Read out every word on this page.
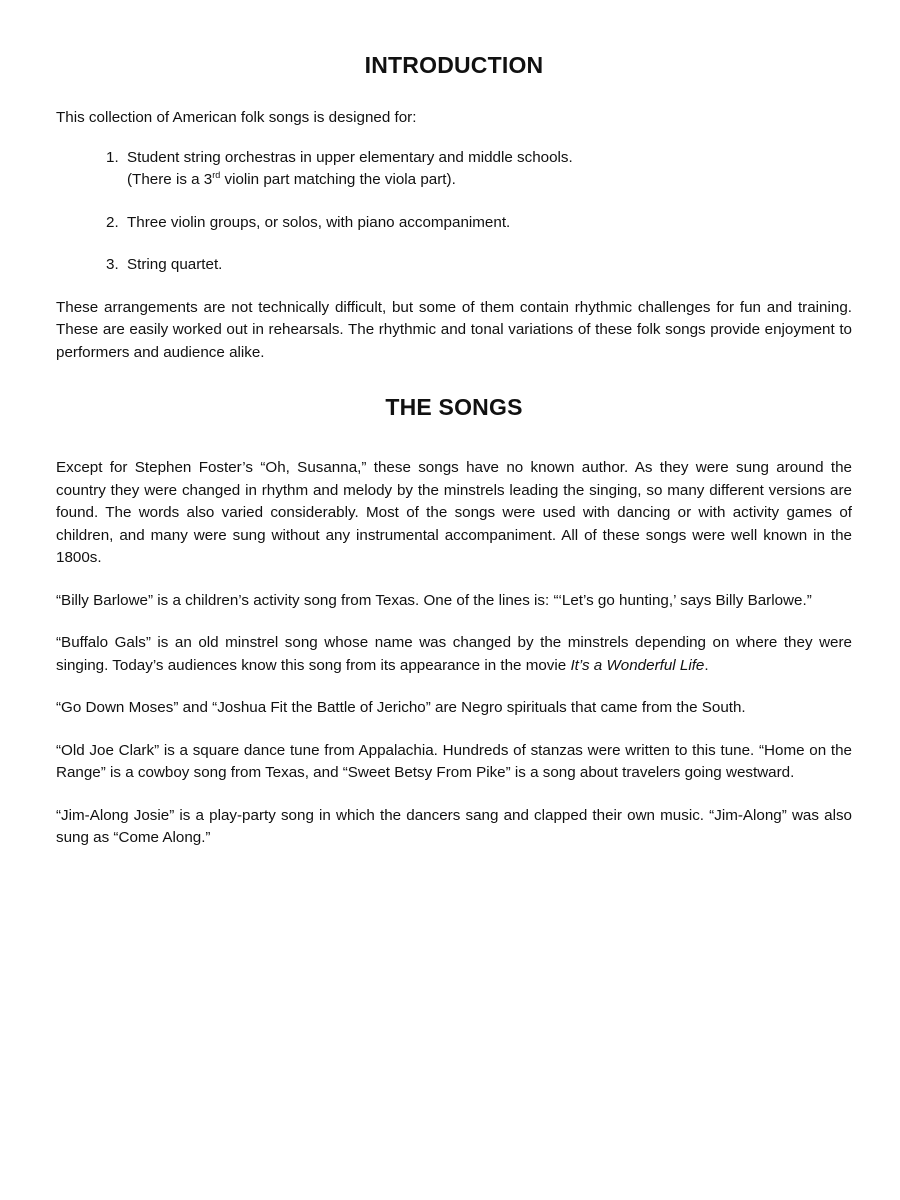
INTRODUCTION

This collection of American folk songs is designed for:

1. Student string orchestras in upper elementary and middle schools.
(There is a 3rd violin part matching the viola part).
2. Three violin groups, or solos, with piano accompaniment.
3. String quartet.

These arrangements are not technically difficult, but some of them contain rhythmic challenges for fun and training. These are easily worked out in rehearsals. The rhythmic and tonal variations of these folk songs provide enjoyment to performers and audience alike.

THE SONGS

Except for Stephen Foster’s “Oh, Susanna,” these songs have no known author. As they were sung around the country they were changed in rhythm and melody by the minstrels leading the singing, so many different versions are found. The words also varied considerably. Most of the songs were used with dancing or with activity games of children, and many were sung without any instrumental accompaniment. All of these songs were well known in the 1800s.

“Billy Barlowe” is a children’s activity song from Texas. One of the lines is: “‘Let’s go hunting,’ says Billy Barlowe.”

“Buffalo Gals” is an old minstrel song whose name was changed by the minstrels depending on where they were singing. Today’s audiences know this song from its appearance in the movie It’s a Wonderful Life.

“Go Down Moses” and “Joshua Fit the Battle of Jericho” are Negro spirituals that came from the South.

“Old Joe Clark” is a square dance tune from Appalachia. Hundreds of stanzas were written to this tune. “Home on the Range” is a cowboy song from Texas, and “Sweet Betsy From Pike” is a song about travelers going westward.

“Jim-Along Josie” is a play-party song in which the dancers sang and clapped their own music. “Jim-Along” was also sung as “Come Along.”
